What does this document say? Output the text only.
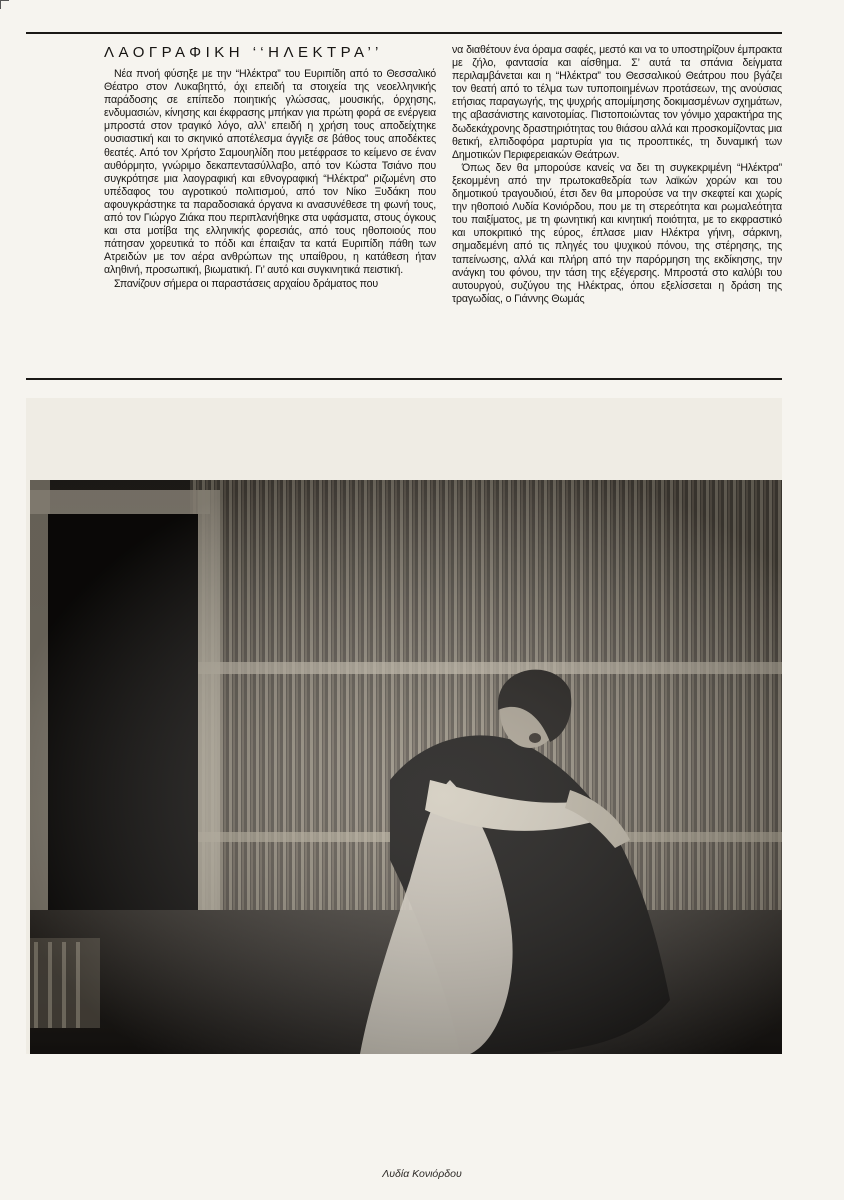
ΛΑΟΓΡΑΦΙΚΗ ‘‘ΗΛΕΚΤΡΑ’’

Νέα πνοή φύσηξε με την “Ηλέκτρα” του Ευριπίδη από το Θεσσαλικό Θέατρο στον Λυκαβηττό, όχι επειδή τα στοιχεία της νεοελληνικής παράδοσης σε επίπεδο ποιητικής γλώσσας, μουσικής, όρχησης, ενδυμασιών, κίνησης και έκφρασης μπήκαν για πρώτη φορά σε ενέργεια μπροστά στον τραγικό λόγο, αλλ’ επειδή η χρήση τους αποδείχτηκε ουσιαστική και το σκηνικό αποτέλεσμα άγγιξε σε βάθος τους αποδέκτες θεατές. Από τον Χρήστο Σαμουηλίδη που μετέφρασε το κείμενο σε έναν αυθόρμητο, γνώριμο δεκαπεντασύλλαβο, από τον Κώστα Τσιάνο που συγκρότησε μια λαογραφική και εθνογραφική “Ηλέκτρα” ριζωμένη στο υπέδαφος του αγροτικού πολιτισμού, από τον Νίκο Ξυδάκη που αφουγκράστηκε τα παραδοσιακά όργανα κι ανασυνέθεσε τη φωνή τους, από τον Γιώργο Ζιάκα που περιπλανήθηκε στα υφάσματα, στους όγκους και στα μοτίβα της ελληνικής φορεσιάς, από τους ηθοποιούς που πάτησαν χορευτικά το πόδι και έπαιξαν τα κατά Ευριπίδη πάθη των Ατρειδών με τον αέρα ανθρώπων της υπαίθρου, η κατάθεση ήταν αληθινή, προσωπική, βιωματική. Γι’ αυτό και συγκινητικά πειστική.

Σπανίζουν σήμερα οι παραστάσεις αρχαίου δράματος που

να διαθέτουν ένα όραμα σαφές, μεστό και να το υποστηρίζουν έμπρακτα με ζήλο, φαντασία και αίσθημα. Σ’ αυτά τα σπάνια δείγματα περιλαμβάνεται και η “Ηλέκτρα” του Θεσσαλικού Θεάτρου που βγάζει τον θεατή από το τέλμα των τυποποιημένων προτάσεων, της ανούσιας ετήσιας παραγωγής, της ψυχρής απομίμησης δοκιμασμένων σχημάτων, της αβασάνιστης καινοτομίας. Πιστοποιώντας τον γόνιμο χαρακτήρα της δωδεκάχρονης δραστηριότητας του θιάσου αλλά και προσκομίζοντας μια θετική, ελπιδοφόρα μαρτυρία για τις προοπτικές, τη δυναμική των Δημοτικών Περιφερειακών Θεάτρων.

Όπως δεν θα μπορούσε κανείς να δει τη συγκεκριμένη “Ηλέκτρα” ξεκομμένη από την πρωτοκαθεδρία των λαϊκών χορών και του δημοτικού τραγουδιού, έτσι δεν θα μπορούσε να την σκεφτεί και χωρίς την ηθοποιό Λυδία Κονιόρδου, που με τη στερεότητα και ρωμαλεότητα του παιξίματος, με τη φωνητική και κινητική ποιότητα, με το εκφραστικό και υποκριτικό της εύρος, έπλασε μιαν Ηλέκτρα γήινη, σάρκινη, σημαδεμένη από τις πληγές του ψυχικού πόνου, της στέρησης, της ταπείνωσης, αλλά και πλήρη από την παρόρμηση της εκδίκησης, την ανάγκη του φόνου, την τάση της εξέγερσης. Μπροστά στο καλύβι του αυτουργού, συζύγου της Ηλέκτρας, όπου εξελίσσεται η δράση της τραγωδίας, ο Γιάννης Θωμάς

Λυδία Κονιόρδου
